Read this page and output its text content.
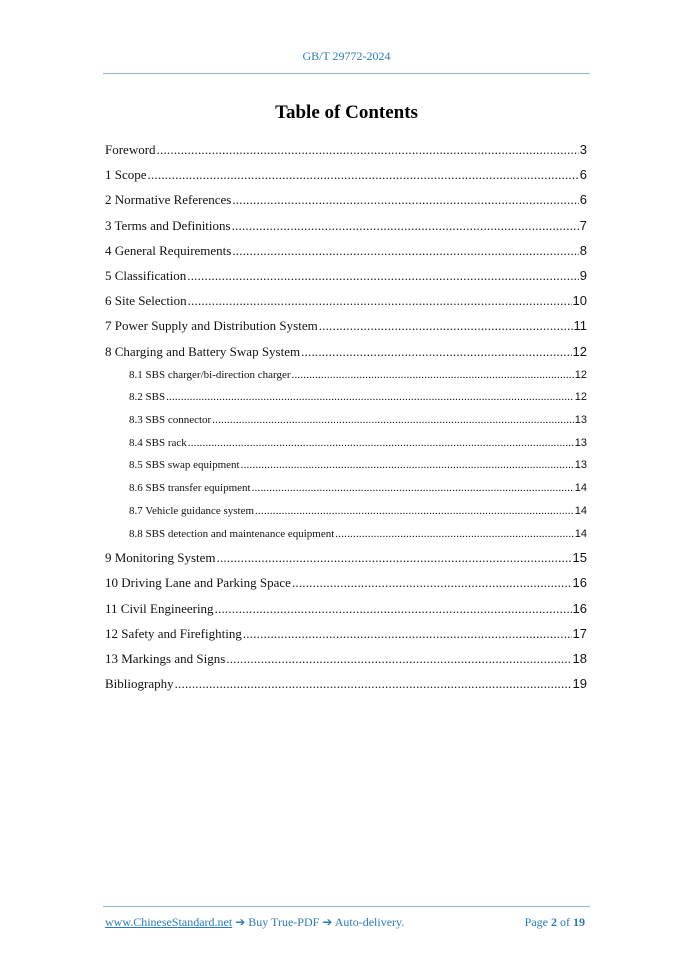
GB/T 29772-2024
Table of Contents
Foreword .....	3
1 Scope .....	6
2 Normative References .....	6
3 Terms and Definitions .....	7
4 General Requirements .....	8
5 Classification .....	9
6 Site Selection .....	10
7 Power Supply and Distribution System .....	11
8 Charging and Battery Swap System .....	12
8.1 SBS charger/bi-direction charger .....	12
8.2 SBS .....	12
8.3 SBS connector .....	13
8.4 SBS rack .....	13
8.5 SBS swap equipment .....	13
8.6 SBS transfer equipment .....	14
8.7 Vehicle guidance system .....	14
8.8 SBS detection and maintenance equipment .....	14
9 Monitoring System .....	15
10 Driving Lane and Parking Space .....	16
11 Civil Engineering .....	16
12 Safety and Firefighting .....	17
13 Markings and Signs .....	18
Bibliography .....	19
www.ChineseStandard.net ➔ Buy True-PDF ➔ Auto-delivery.	Page 2 of 19
